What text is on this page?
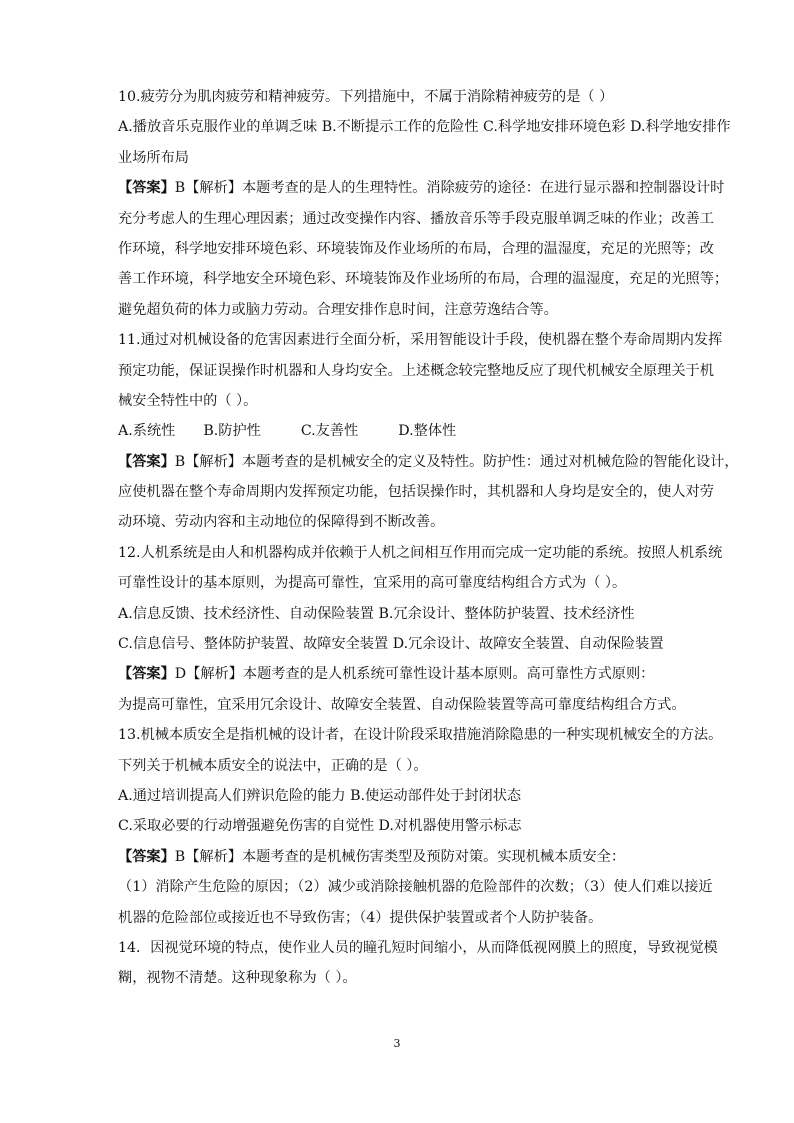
10.疲劳分为肌肉疲劳和精神疲劳。下列措施中，不属于消除精神疲劳的是（ ）
A.播放音乐克服作业的单调乏味 B.不断提示工作的危险性 C.科学地安排环境色彩 D.科学地安排作
业场所布局
【答案】B【解析】本题考查的是人的生理特性。消除疲劳的途径：在进行显示器和控制器设计时
充分考虑人的生理心理因素；通过改变操作内容、播放音乐等手段克服单调乏味的作业；改善工
作环境，科学地安排环境色彩、环境装饰及作业场所的布局，合理的温湿度，充足的光照等；改
善工作环境，科学地安全环境色彩、环境装饰及作业场所的布局，合理的温湿度，充足的光照等；
避免超负荷的体力或脑力劳动。合理安排作息时间，注意劳逸结合等。
11.通过对机械设备的危害因素进行全面分析，采用智能设计手段，使机器在整个寿命周期内发挥
预定功能，保证误操作时机器和人身均安全。上述概念较完整地反应了现代机械安全原理关于机
械安全特性中的（ ）。
A.系统性 B.防护性	C.友善性	D.整体性
【答案】B【解析】本题考查的是机械安全的定义及特性。防护性：通过对机械危险的智能化设计，
应使机器在整个寿命周期内发挥预定功能，包括误操作时，其机器和人身均是安全的，使人对劳
动环境、劳动内容和主动地位的保障得到不断改善。
12.人机系统是由人和机器构成并依赖于人机之间相互作用而完成一定功能的系统。按照人机系统
可靠性设计的基本原则，为提高可靠性，宜采用的高可靠度结构组合方式为（ ）。
A.信息反馈、技术经济性、自动保险装置 B.冗余设计、整体防护装置、技术经济性
C.信息信号、整体防护装置、故障安全装置 D.冗余设计、故障安全装置、自动保险装置
【答案】D【解析】本题考查的是人机系统可靠性设计基本原则。高可靠性方式原则：
为提高可靠性，宜采用冗余设计、故障安全装置、自动保险装置等高可靠度结构组合方式。
13.机械本质安全是指机械的设计者，在设计阶段采取措施消除隐患的一种实现机械安全的方法。
下列关于机械本质安全的说法中，正确的是（ ）。
A.通过培训提高人们辨识危险的能力 B.使运动部件处于封闭状态
C.采取必要的行动增强避免伤害的自觉性 D.对机器使用警示标志
【答案】B【解析】本题考查的是机械伤害类型及预防对策。实现机械本质安全：
（1）消除产生危险的原因；（2）减少或消除接触机器的危险部件的次数；（3）使人们难以接近
机器的危险部位或接近也不导致伤害；（4）提供保护装置或者个人防护装备。
14．因视觉环境的特点，使作业人员的瞳孔短时间缩小，从而降低视网膜上的照度，导致视觉模
糊，视物不清楚。这种现象称为（ ）。
3
